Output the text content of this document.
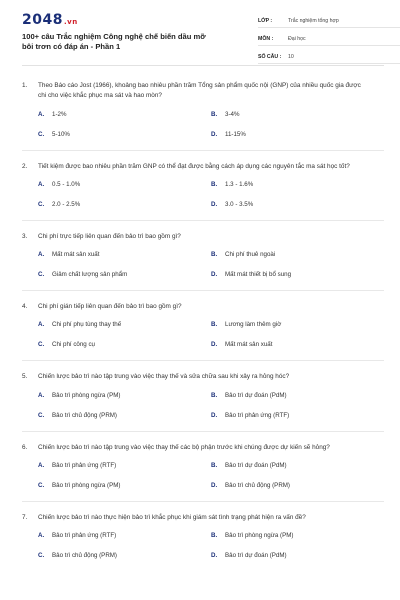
2048.vn
100+ câu Trắc nghiệm Công nghệ chế biến dầu mỡ bôi trơn có đáp án - Phần 1
LỚP :	Trắc nghiệm tổng hợp
MÔN :	Đại học
SỐ CÂU :	10
1.	Theo Báo cáo Jost (1966), khoảng bao nhiêu phần trăm Tổng sản phẩm quốc nội (GNP) của nhiều quốc gia được chi cho việc khắc phục ma sát và hao mòn?
A.	1-2%	B.	3-4%
C.	5-10%	D.	11-15%
2.	Tiết kiệm được bao nhiêu phần trăm GNP có thể đạt được bằng cách áp dụng các nguyên tắc ma sát học tốt?
A.	0.5 - 1.0%	B.	1.3 - 1.6%
C.	2.0 - 2.5%	D.	3.0 - 3.5%
3.	Chi phí trực tiếp liên quan đến bảo trì bao gồm gì?
A.	Mất mát sản xuất	B.	Chi phí thuê ngoài
C.	Giảm chất lượng sản phẩm	D.	Mất mát thiết bị bổ sung
4.	Chi phí gián tiếp liên quan đến bảo trì bao gồm gì?
A.	Chi phí phụ tùng thay thế	B.	Lương làm thêm giờ
C.	Chi phí công cụ	D.	Mất mát sản xuất
5.	Chiến lược bảo trì nào tập trung vào việc thay thế và sửa chữa sau khi xảy ra hỏng hóc?
A.	Bảo trì phòng ngừa (PM)	B.	Bảo trì dự đoán (PdM)
C.	Bảo trì chủ động (PRM)	D.	Bảo trì phản ứng (RTF)
6.	Chiến lược bảo trì nào tập trung vào việc thay thế các bộ phận trước khi chúng được dự kiến sẽ hỏng?
A.	Bảo trì phản ứng (RTF)	B.	Bảo trì dự đoán (PdM)
C.	Bảo trì phòng ngừa (PM)	D.	Bảo trì chủ động (PRM)
7.	Chiến lược bảo trì nào thực hiện bảo trì khắc phục khi giám sát tình trạng phát hiện ra vấn đề?
A.	Bảo trì phản ứng (RTF)	B.	Bảo trì phòng ngừa (PM)
C.	Bảo trì chủ động (PRM)	D.	Bảo trì dự đoán (PdM)
